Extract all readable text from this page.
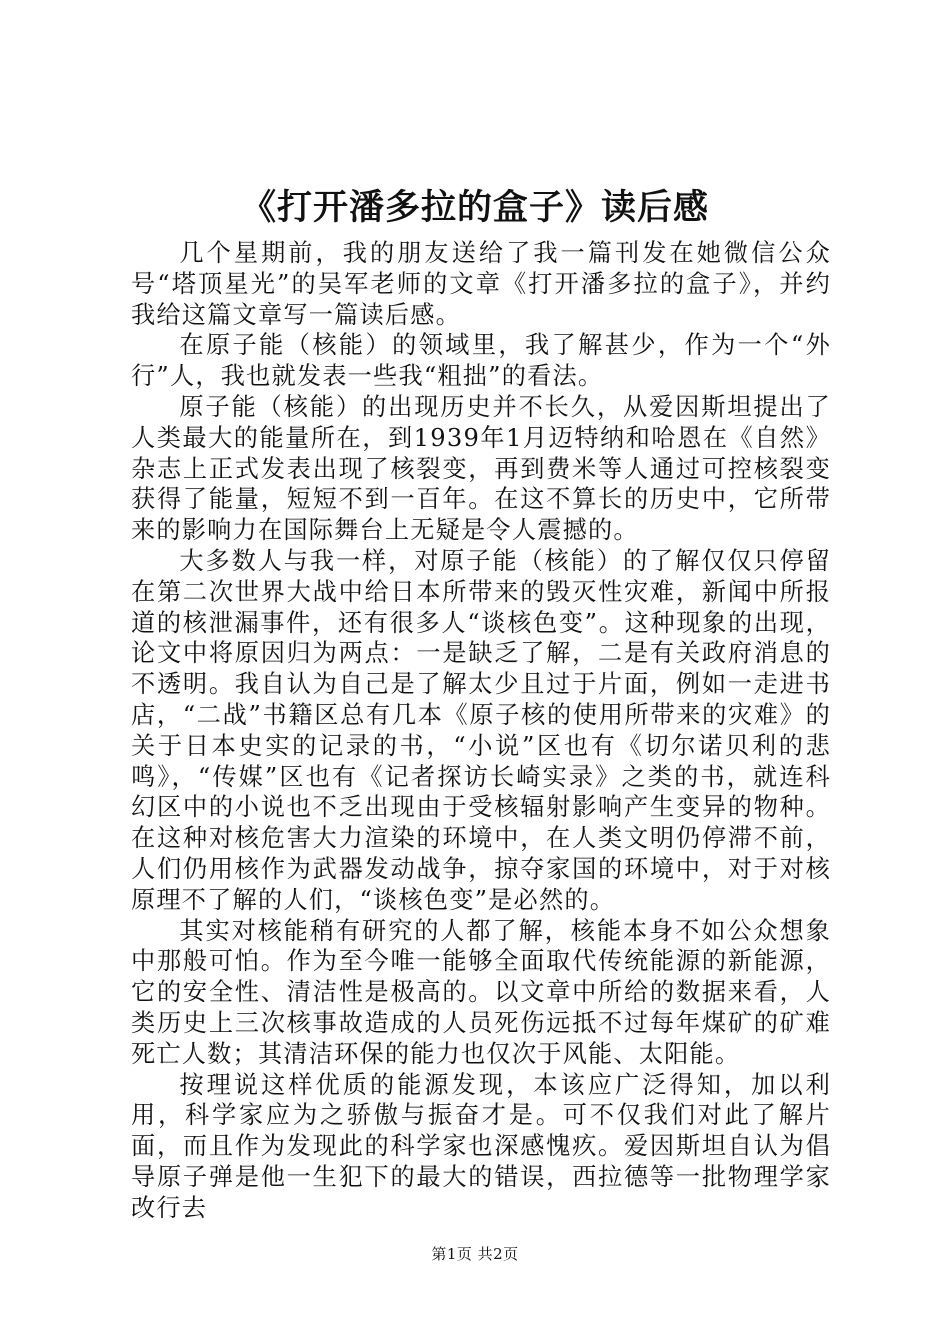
《打开潘多拉的盒子》读后感

几个星期前，我的朋友送给了我一篇刊发在她微信公众号“塔顶星光”的吴军老师的文章《打开潘多拉的盒子》，并约我给这篇文章写一篇读后感。

在原子能（核能）的领域里，我了解甚少，作为一个“外行”人，我也就发表一些我“粗拙”的看法。

原子能（核能）的出现历史并不长久，从爱因斯坦提出了人类最大的能量所在，到1939年1月迈特纳和哈恩在《自然》杂志上正式发表出现了核裂变，再到费米等人通过可控核裂变获得了能量，短短不到一百年。在这不算长的历史中，它所带来的影响力在国际舞台上无疑是令人震撼的。

大多数人与我一样，对原子能（核能）的了解仅仅只停留在第二次世界大战中给日本所带来的毁灭性灾难，新闻中所报道的核泄漏事件，还有很多人“谈核色变”。这种现象的出现，论文中将原因归为两点：一是缺乏了解，二是有关政府消息的不透明。我自认为自己是了解太少且过于片面，例如一走进书店，“二战”书籍区总有几本《原子核的使用所带来的灾难》的关于日本史实的记录的书，“小说”区也有《切尔诺贝利的悲鸣》，“传媒”区也有《记者探访长崎实录》之类的书，就连科幻区中的小说也不乏出现由于受核辐射影响产生变异的物种。在这种对核危害大力渲染的环境中，在人类文明仍停滞不前，人们仍用核作为武器发动战争，掠夺家国的环境中，对于对核原理不了解的人们，“谈核色变”是必然的。

其实对核能稍有研究的人都了解，核能本身不如公众想象中那般可怕。作为至今唯一能够全面取代传统能源的新能源，它的安全性、清洁性是极高的。以文章中所给的数据来看，人类历史上三次核事故造成的人员死伤远抵不过每年煤矿的矿难死亡人数；其清洁环保的能力也仅次于风能、太阳能。

按理说这样优质的能源发现，本该应广泛得知，加以利用，科学家应为之骄傲与振奋才是。可不仅我们对此了解片面，而且作为发现此的科学家也深感愧疚。爱因斯坦自认为倡导原子弹是他一生犯下的最大的错误，西拉德等一批物理学家改行去

第1页 共2页
